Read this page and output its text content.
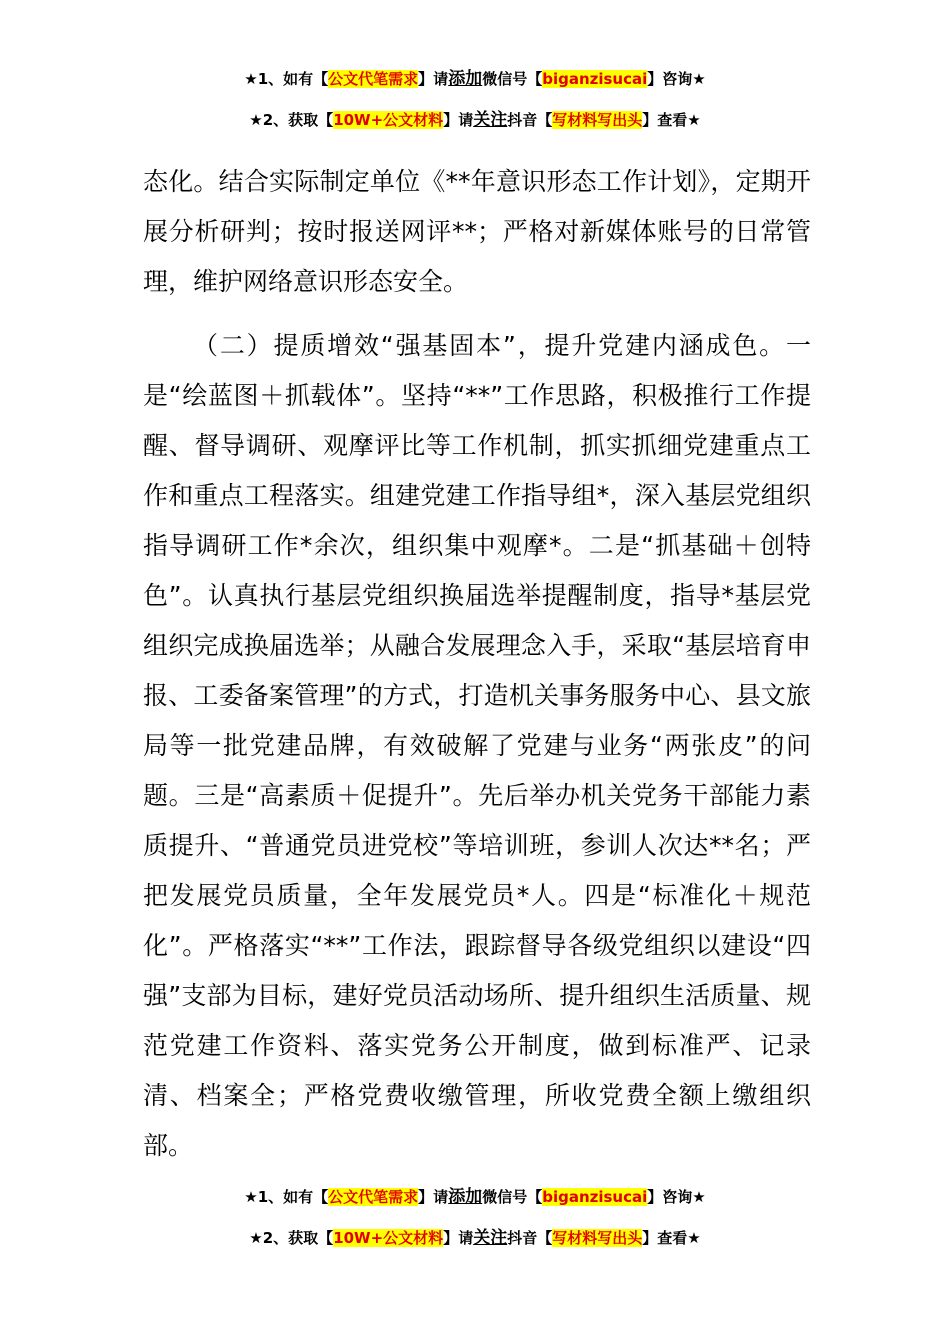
★1、如有【公文代笔需求】请添加微信号【biganzisucai】咨询★
★2、获取【10W+公文材料】请关注抖音【写材料写出头】查看★

态化。结合实际制定单位《**年意识形态工作计划》，定期开展分析研判；按时报送网评**；严格对新媒体账号的日常管理，维护网络意识形态安全。

（二）提质增效“强基固本”，提升党建内涵成色。一是“绘蓝图＋抓载体”。坚持“**”工作思路，积极推行工作提醒、督导调研、观摩评比等工作机制，抓实抓细党建重点工作和重点工程落实。组建党建工作指导组*，深入基层党组织指导调研工作*余次，组织集中观摩*。二是“抓基础＋创特色”。认真执行基层党组织换届选举提醒制度，指导*基层党组织完成换届选举；从融合发展理念入手，采取“基层培育申报、工委备案管理”的方式，打造机关事务服务中心、县文旅局等一批党建品牌，有效破解了党建与业务“两张皮”的问题。三是“高素质＋促提升”。先后举办机关党务干部能力素质提升、“普通党员进党校”等培训班，参训人次达**名；严把发展党员质量，全年发展党员*人。四是“标准化＋规范化”。严格落实“**”工作法，跟踪督导各级党组织以建设“四强”支部为目标，建好党员活动场所、提升组织生活质量、规范党建工作资料、落实党务公开制度，做到标准严、记录清、档案全；严格党费收缴管理，所收党费全额上缴组织部。

★1、如有【公文代笔需求】请添加微信号【biganzisucai】咨询★
★2、获取【10W+公文材料】请关注抖音【写材料写出头】查看★
